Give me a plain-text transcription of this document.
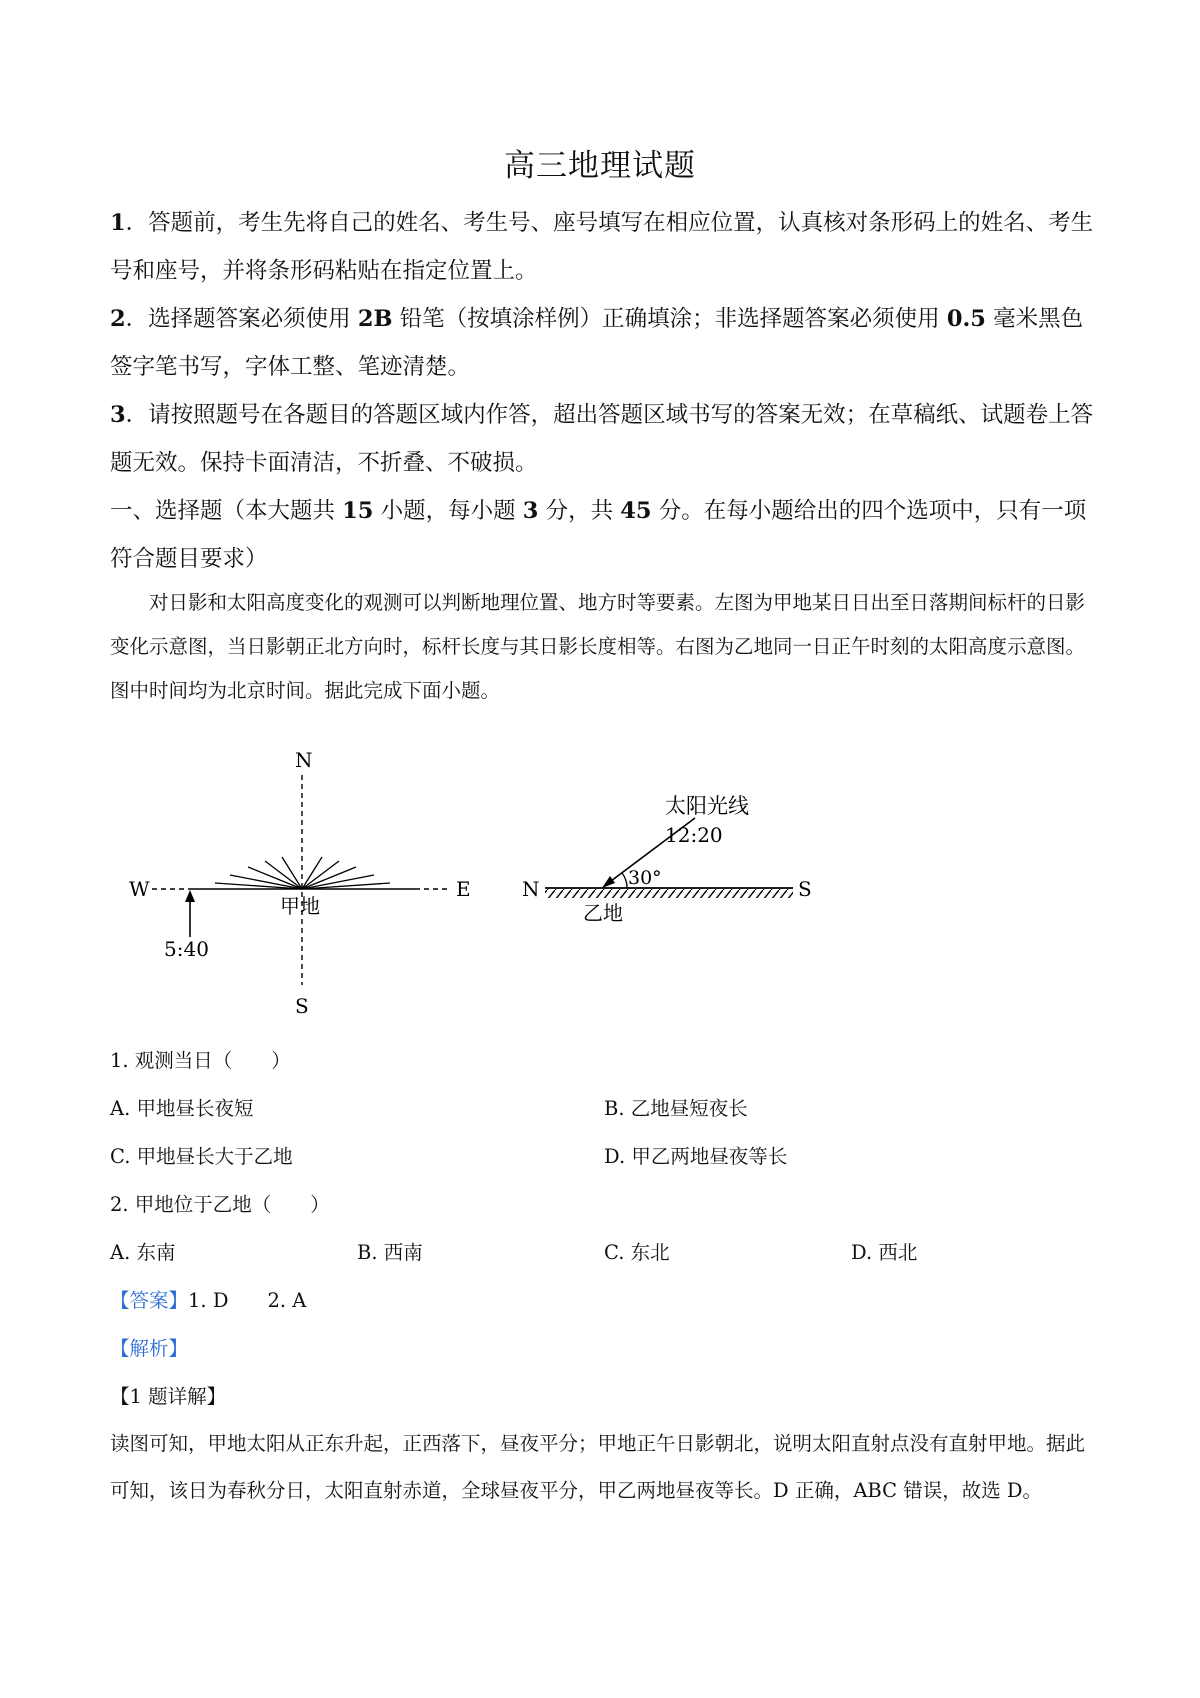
高三地理试题
1．答题前，考生先将自己的姓名、考生号、座号填写在相应位置，认真核对条形码上的姓名、考生号和座号，并将条形码粘贴在指定位置上。
2．选择题答案必须使用 2B 铅笔（按填涂样例）正确填涂；非选择题答案必须使用 0.5 毫米黑色签字笔书写，字体工整、笔迹清楚。
3．请按照题号在各题目的答题区域内作答，超出答题区域书写的答案无效；在草稿纸、试题卷上答题无效。保持卡面清洁，不折叠、不破损。
一、选择题（本大题共 15 小题，每小题 3 分，共 45 分。在每小题给出的四个选项中，只有一项符合题目要求）
对日影和太阳高度变化的观测可以判断地理位置、地方时等要素。左图为甲地某日日出至日落期间标杆的日影变化示意图，当日影朝正北方向时，标杆长度与其日影长度相等。右图为乙地同一日正午时刻的太阳高度示意图。图中时间均为北京时间。据此完成下面小题。
N
S
W	E
甲地
5:40
30°
太阳光线
12:20
N	S
乙地
1. 观测当日（　　）
A. 甲地昼长夜短	B. 乙地昼短夜长
C. 甲地昼长大于乙地	D. 甲乙两地昼夜等长
2. 甲地位于乙地（　　）
A. 东南	B. 西南	C. 东北	D. 西北
【答案】1. D　　2. A
【解析】
【1 题详解】
读图可知，甲地太阳从正东升起，正西落下，昼夜平分；甲地正午日影朝北，说明太阳直射点没有直射甲地。据此可知，该日为春秋分日，太阳直射赤道，全球昼夜平分，甲乙两地昼夜等长。D 正确，ABC 错误，故选 D。
